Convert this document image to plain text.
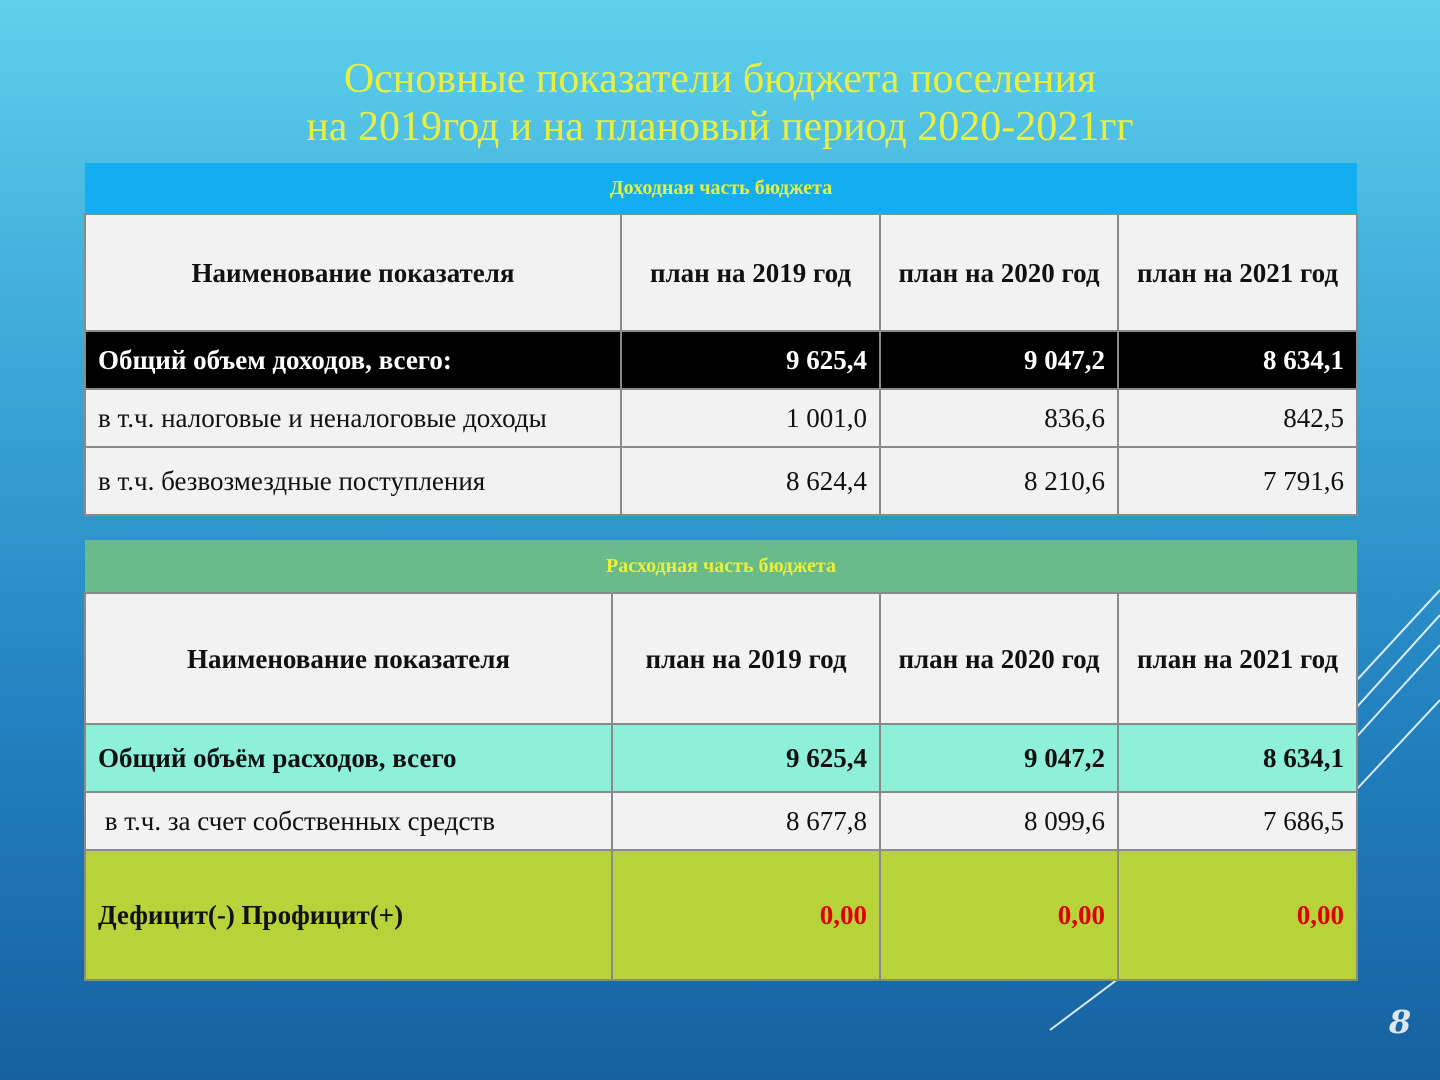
Основные показатели бюджета поселения
на 2019год и на плановый период 2020-2021гг
Доходная часть бюджета			
Наименование показателя	план на 2019 год	план на 2020 год	план на 2021 год
Общий объем доходов, всего:	9 625,4	9 047,2	8 634,1
в т.ч. налоговые и неналоговые доходы	1 001,0	836,6	842,5
в т.ч. безвозмездные поступления	8 624,4	8 210,6	7 791,6
Расходная часть бюджета			
Наименование показателя	план на 2019 год	план на 2020 год	план на 2021 год
Общий объём расходов, всего	9 625,4	9 047,2	8 634,1
в т.ч. за счет собственных средств	8 677,8	8 099,6	7 686,5
Дефицит(-) Профицит(+)	0,00	0,00	0,00
8
